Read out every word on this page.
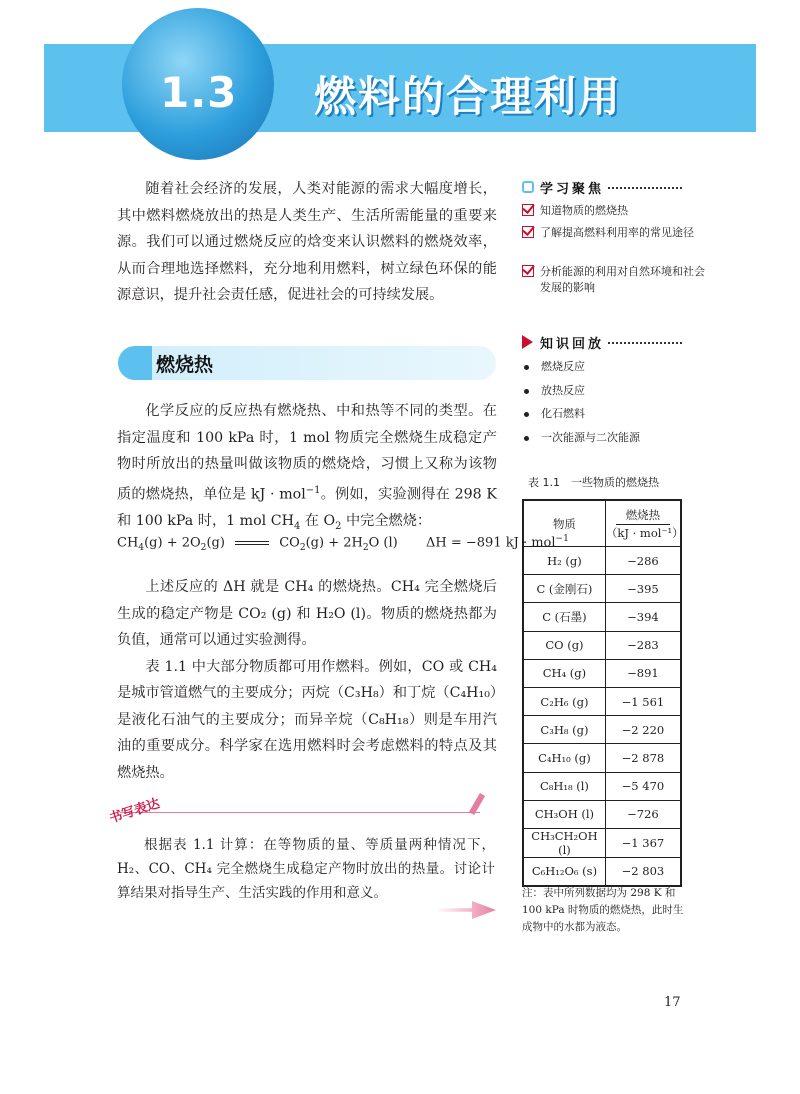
1.3 燃料的合理利用

随着社会经济的发展，人类对能源的需求大幅度增长，其中燃料燃烧放出的热是人类生产、生活所需能量的重要来源。我们可以通过燃烧反应的焓变来认识燃料的燃烧效率，从而合理地选择燃料，充分地利用燃料，树立绿色环保的能源意识，提升社会责任感，促进社会的可持续发展。

燃烧热

化学反应的反应热有燃烧热、中和热等不同的类型。在指定温度和 100 kPa 时，1 mol 物质完全燃烧生成稳定产物时所放出的热量叫做该物质的燃烧焓，习惯上又称为该物质的燃烧热，单位是 kJ · mol$^{-1}$。例如，实验测得在 298 K 和 100 kPa 时，1 mol $CH_4$ 在 $O_2$ 中完全燃烧：

$CH_4(g) + 2O_2(g)$	$CO_2(g) + 2H_2O$ (l) ΔH = −891 kJ · mol$^{-1}$

上述反应的 ΔH 就是 CH₄ 的燃烧热。CH₄ 完全燃烧后生成的稳定产物是 CO₂ (g) 和 H₂O (l)。物质的燃烧热都为负值，通常可以通过实验测得。

表 1.1 中大部分物质都可用作燃料。例如，CO 或 CH₄ 是城市管道燃气的主要成分；丙烷（C₃H₈）和丁烷（C₄H₁₀）是液化石油气的主要成分；而异辛烷（C₈H₁₈）则是车用汽油的重要成分。科学家在选用燃料时会考虑燃料的特点及其燃烧热。

学习聚焦
知道物质的燃烧热
了解提高燃料利用率的常见途径
分析能源的利用对自然环境和社会发展的影响
知识回放
燃烧反应
放热反应
化石燃料
一次能源与二次能源
表 1.1　一些物质的燃烧热
物质	燃烧热
（kJ · mol⁻¹）

H₂ (g)	−286
C (金刚石)	−395
C (石墨)	−394
CO (g)	−283
CH₄ (g)	−891
C₂H₆ (g)	−1 561
C₃H₈ (g)	−2 220
C₄H₁₀ (g)	−2 878
C₈H₁₈ (l)	−5 470
CH₃OH (l)	−726
CH₃CH₂OH (l)	−1 367
C₆H₁₂O₆ (s)	−2 803
注：表中所列数据均为 298 K 和 100 kPa 时物质的燃烧热，此时生成物中的水都为液态。
书写表达

根据表 1.1 计算：在等物质的量、等质量两种情况下，H₂、CO、CH₄ 完全燃烧生成稳定产物时放出的热量。讨论计算结果对指导生产、生活实践的作用和意义。

17
